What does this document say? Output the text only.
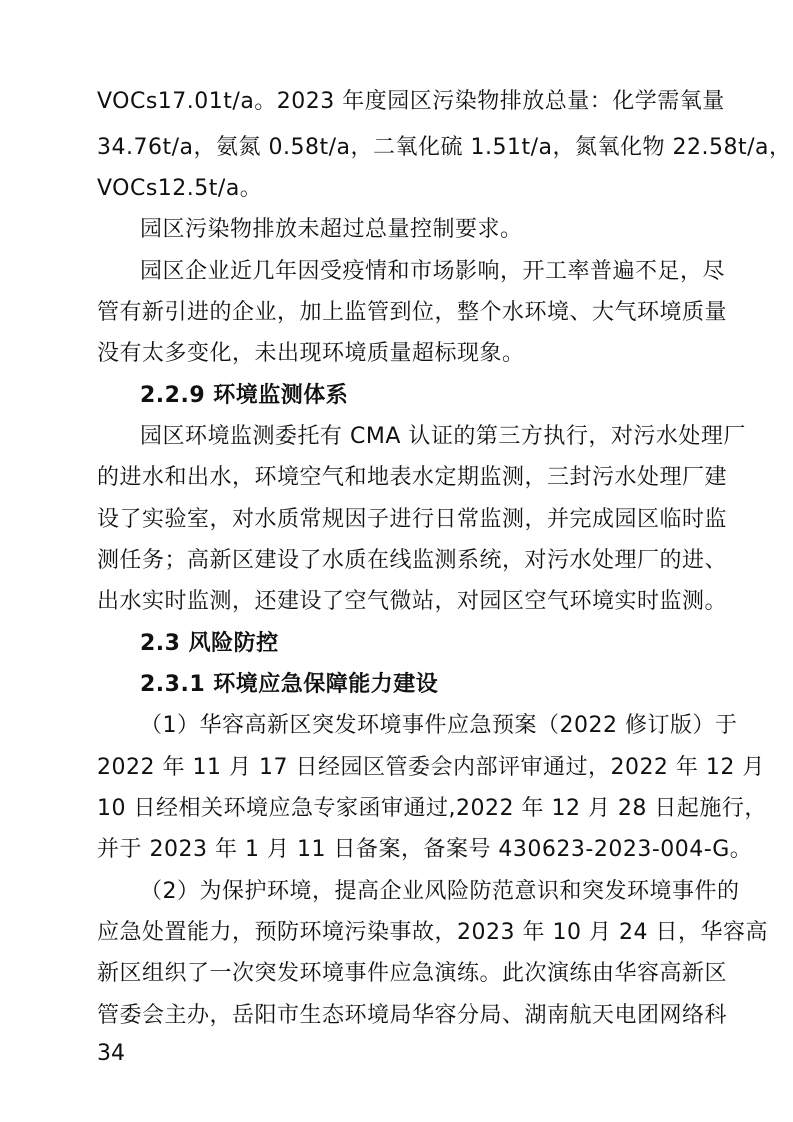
VOCs17.01t/a。2023 年度园区污染物排放总量：化学需氧量
34.76t/a，氨氮 0.58t/a，二氧化硫 1.51t/a，氮氧化物 22.58t/a，
VOCs12.5t/a。
园区污染物排放未超过总量控制要求。
园区企业近几年因受疫情和市场影响，开工率普遍不足，尽
管有新引进的企业，加上监管到位，整个水环境、大气环境质量
没有太多变化，未出现环境质量超标现象。
2.2.9 环境监测体系
园区环境监测委托有 CMA 认证的第三方执行，对污水处理厂
的进水和出水，环境空气和地表水定期监测，三封污水处理厂建
设了实验室，对水质常规因子进行日常监测，并完成园区临时监
测任务；高新区建设了水质在线监测系统，对污水处理厂的进、
出水实时监测，还建设了空气微站，对园区空气环境实时监测。
2.3 风险防控
2.3.1 环境应急保障能力建设
（1）华容高新区突发环境事件应急预案（2022 修订版）于
2022 年 11 月 17 日经园区管委会内部评审通过，2022 年 12 月
10 日经相关环境应急专家函审通过,2022 年 12 月 28 日起施行，
并于 2023 年 1 月 11 日备案，备案号 430623-2023-004-G。
（2）为保护环境，提高企业风险防范意识和突发环境事件的
应急处置能力，预防环境污染事故，2023 年 10 月 24 日，华容高
新区组织了一次突发环境事件应急演练。此次演练由华容高新区
管委会主办，岳阳市生态环境局华容分局、湖南航天电团网络科
34
